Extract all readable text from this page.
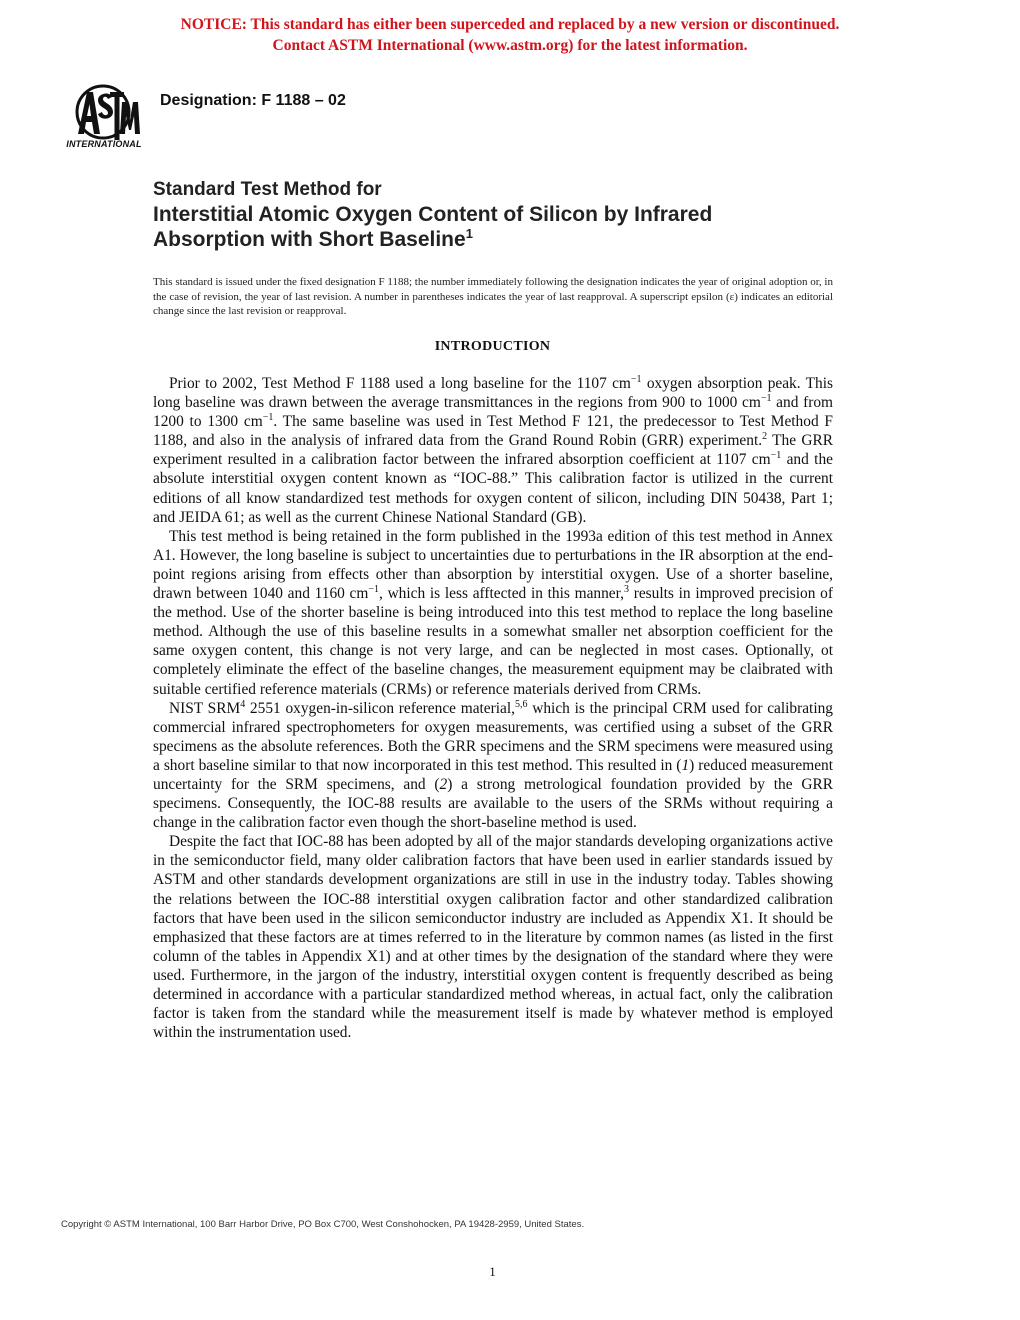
NOTICE: This standard has either been superceded and replaced by a new version or discontinued.
Contact ASTM International (www.astm.org) for the latest information.
INTERNATIONAL
Designation: F 1188 – 02
Standard Test Method for
Interstitial Atomic Oxygen Content of Silicon by Infrared
Absorption with Short Baseline$^1$
This standard is issued under the fixed designation F 1188; the number immediately following the designation indicates the year of original adoption or, in the case of revision, the year of last revision. A number in parentheses indicates the year of last reapproval. A superscript epsilon (ε) indicates an editorial change since the last revision or reapproval.
INTRODUCTION

Prior to 2002, Test Method F 1188 used a long baseline for the 1107 $cm^{-1}$ oxygen absorption peak. This long baseline was drawn between the average transmittances in the regions from 900 to 1000 $cm^{-1}$ and from 1200 to 1300 $cm^{-1}$. The same baseline was used in Test Method F 121, the predecessor to Test Method F 1188, and also in the analysis of infrared data from the Grand Round Robin (GRR) experiment.$^2$ The GRR experiment resulted in a calibration factor between the infrared absorption coefficient at 1107 $cm^{-1}$ and the absolute interstitial oxygen content known as “IOC-88.” This calibration factor is utilized in the current editions of all know standardized test methods for oxygen content of silicon, including DIN 50438, Part 1; and JEIDA 61; as well as the current Chinese National Standard (GB).

This test method is being retained in the form published in the 1993a edition of this test method in Annex A1. However, the long baseline is subject to uncertainties due to perturbations in the IR absorption at the end-point regions arising from effects other than absorption by interstitial oxygen. Use of a shorter baseline, drawn between 1040 and 1160 $cm^{-1}$, which is less afftected in this manner,$^3$ results in improved precision of the method. Use of the shorter baseline is being introduced into this test method to replace the long baseline method. Although the use of this baseline results in a somewhat smaller net absorption coefficient for the same oxygen content, this change is not very large, and can be neglected in most cases. Optionally, ot completely eliminate the effect of the baseline changes, the measurement equipment may be claibrated with suitable certified reference materials (CRMs) or reference materials derived from CRMs.

NIST SRM$^4$ 2551 oxygen-in-silicon reference material,$^{5,6}$ which is the principal CRM used for calibrating commercial infrared spectrophometers for oxygen measurements, was certified using a subset of the GRR specimens as the absolute references. Both the GRR specimens and the SRM specimens were measured using a short baseline similar to that now incorporated in this test method. This resulted in (1) reduced measurement uncertainty for the SRM specimens, and (2) a strong metrological foundation provided by the GRR specimens. Consequently, the IOC-88 results are available to the users of the SRMs without requiring a change in the calibration factor even though the short-baseline method is used.

Despite the fact that IOC-88 has been adopted by all of the major standards developing organizations active in the semiconductor field, many older calibration factors that have been used in earlier standards issued by ASTM and other standards development organizations are still in use in the industry today. Tables showing the relations between the IOC-88 interstitial oxygen calibration factor and other standardized calibration factors that have been used in the silicon semiconductor industry are included as Appendix X1. It should be emphasized that these factors are at times referred to in the literature by common names (as listed in the first column of the tables in Appendix X1) and at other times by the designation of the standard where they were used. Furthermore, in the jargon of the industry, interstitial oxygen content is frequently described as being determined in accordance with a particular standardized method whereas, in actual fact, only the calibration factor is taken from the standard while the measurement itself is made by whatever method is employed within the instrumentation used.

Copyright © ASTM International, 100 Barr Harbor Drive, PO Box C700, West Conshohocken, PA 19428-2959, United States.
1
